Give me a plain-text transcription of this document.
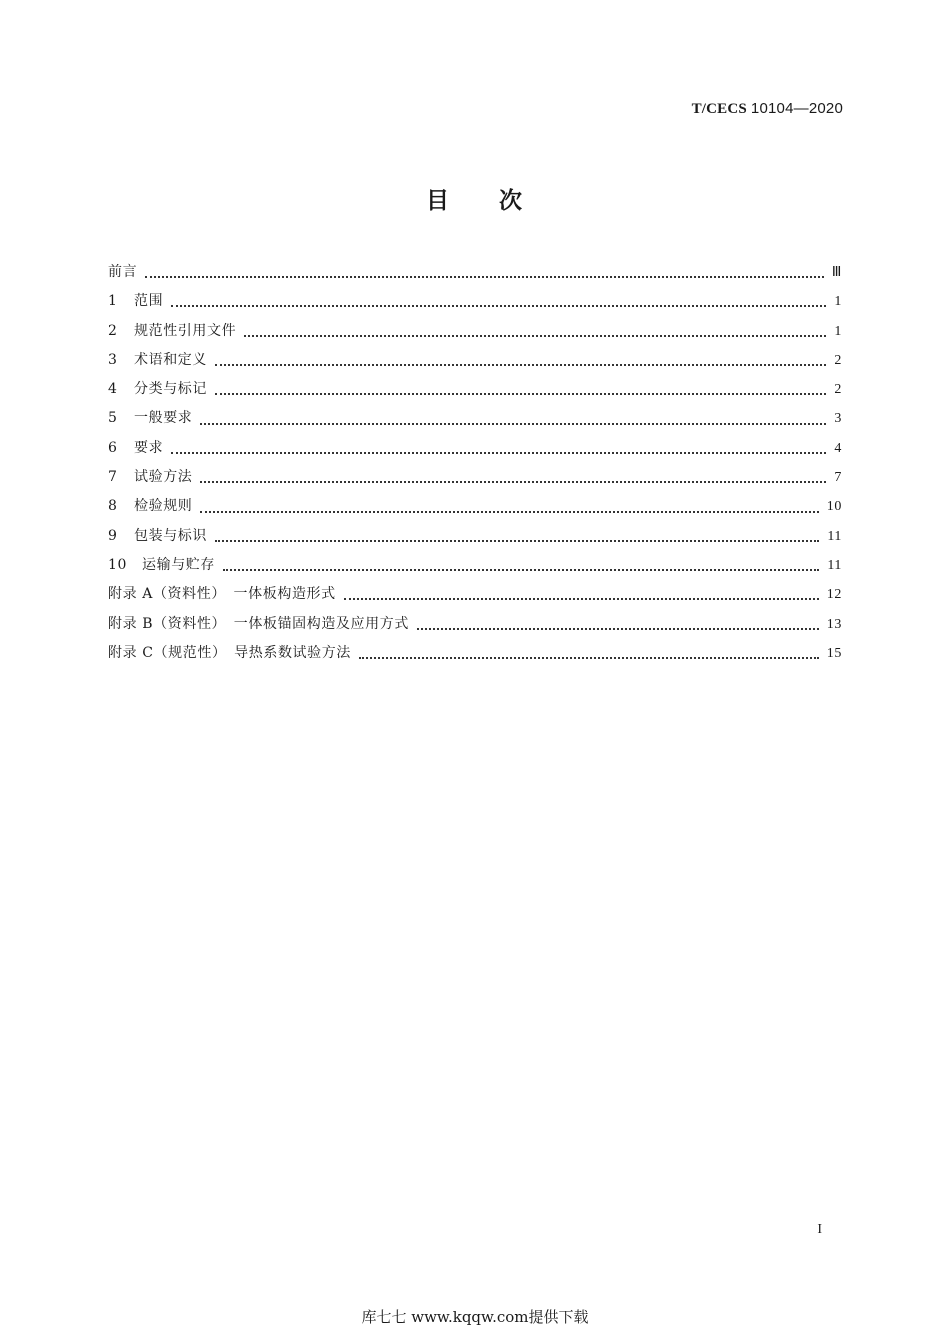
T/CECS 10104—2020
目 次
前言	Ⅲ
1 范围	1
2 规范性引用文件	1
3 术语和定义	2
4 分类与标记	2
5 一般要求	3
6 要求	4
7 试验方法	7
8 检验规则	10
9 包装与标识	11
10 运输与贮存	11
附录 A（资料性）　一体板构造形式	12
附录 B（资料性）　一体板锚固构造及应用方式	13
附录 C（规范性）　导热系数试验方法	15
I
库七七 www.kqqw.com提供下载
